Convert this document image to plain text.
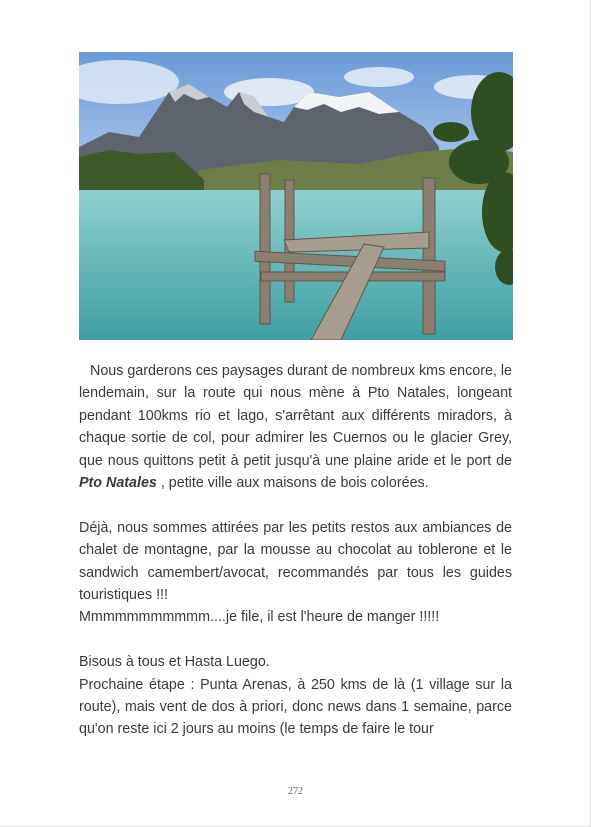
Nous garderons ces paysages durant de nombreux kms encore, le lendemain, sur la route qui nous mène à Pto Natales, longeant pendant 100kms rio et lago, s'arrêtant aux différents miradors, à chaque sortie de col, pour admirer les Cuernos ou le glacier Grey, que nous quittons petit à petit jusqu'à une plaine aride et le port de Pto Natales , petite ville aux maisons de bois colorées.

Déjà, nous sommes attirées par les petits restos aux ambiances de chalet de montagne, par la mousse au chocolat au toblerone et le sandwich camembert/avocat, recommandés par tous les guides touristiques !!!

Mmmmmmmmmmm....je file, il est l'heure de manger !!!!!

Bisous à tous et Hasta Luego.

Prochaine étape : Punta Arenas, à 250 kms de là (1 village sur la route), mais vent de dos à priori, donc news dans 1 semaine, parce qu'on reste ici 2 jours au moins (le temps de faire le tour

272
